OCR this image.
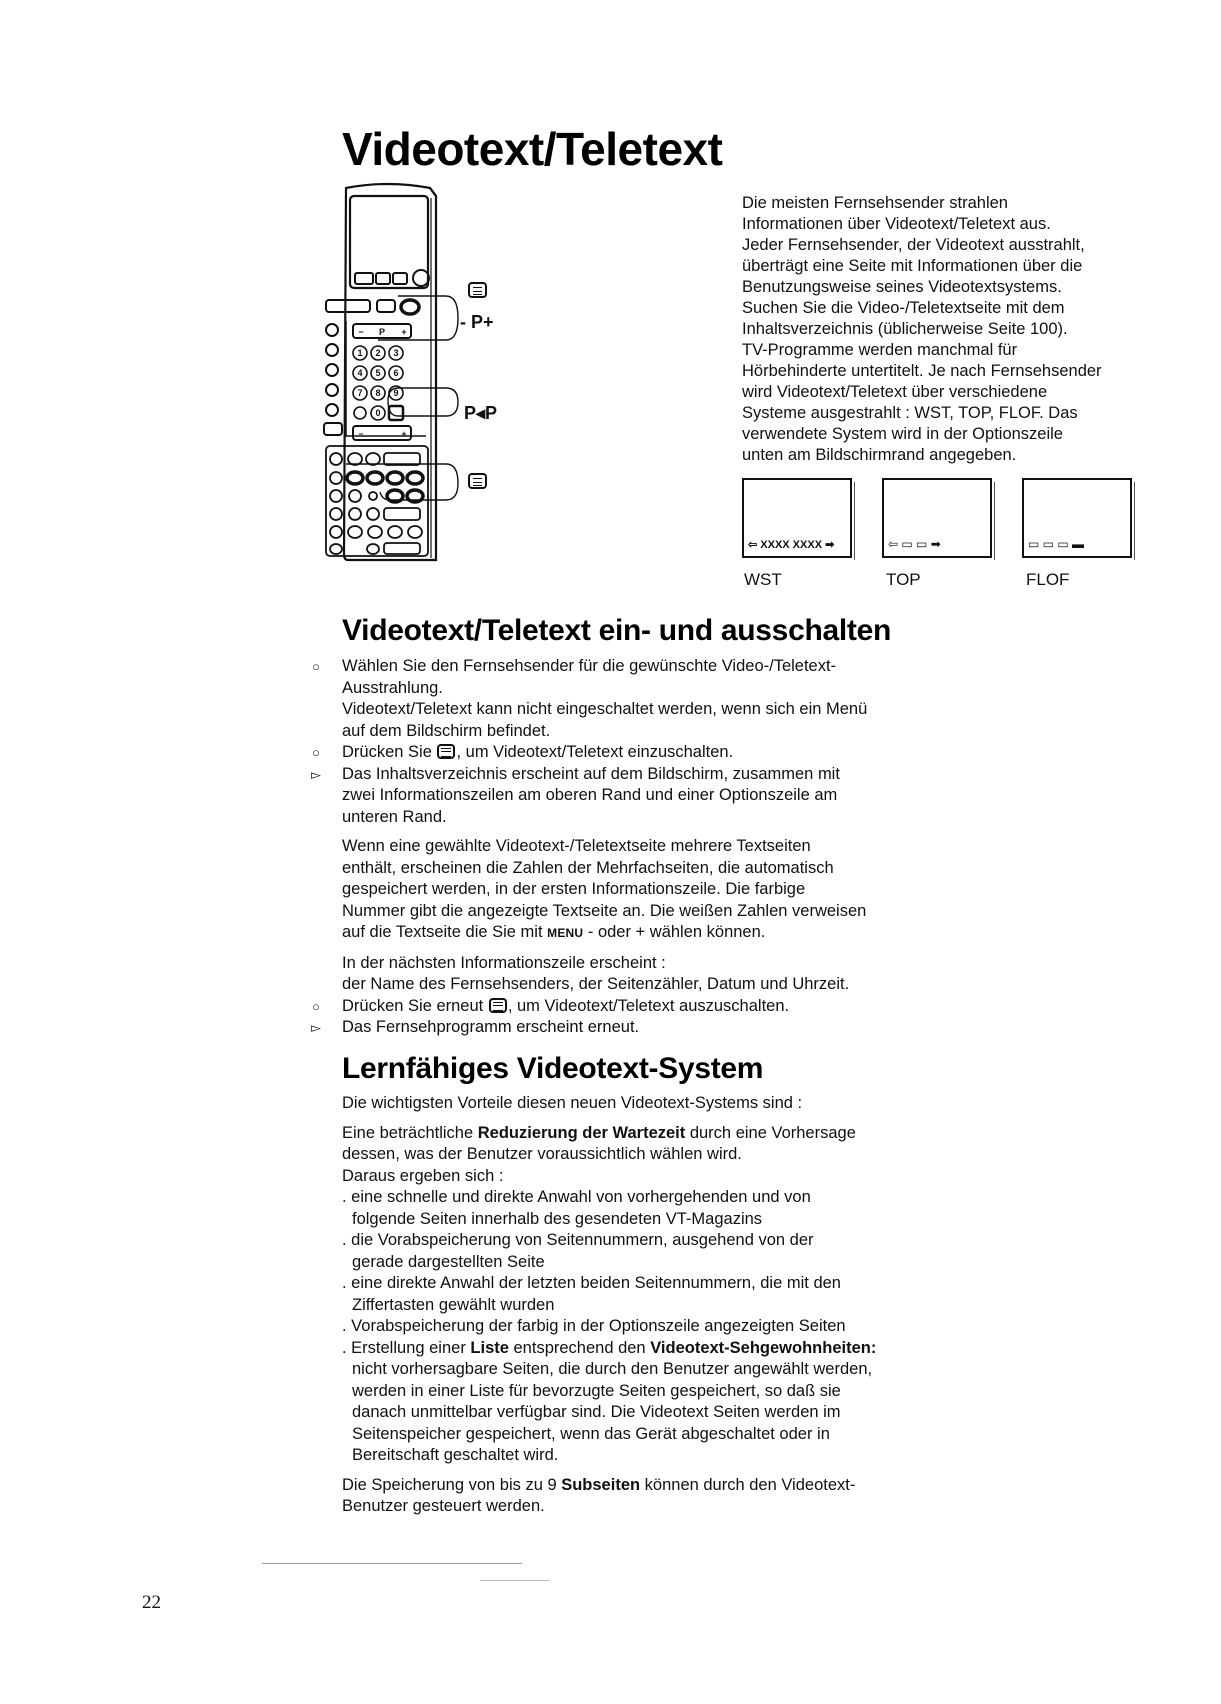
Videotext/Teletext
− P +
−	+
1 2 3
4 5 6
7 8 9
0
- P+
P◂P

Die meisten Fernsehsender strahlen

Informationen über Videotext/Teletext aus.

Jeder Fernsehsender, der Videotext ausstrahlt,

überträgt eine Seite mit Informationen über die

Benutzungsweise seines Videotextsystems.

Suchen Sie die Video-/Teletextseite mit dem

Inhaltsverzeichnis (üblicherweise Seite 100).

TV-Programme werden manchmal für

Hörbehinderte untertitelt. Je nach Fernsehsender

wird Videotext/Teletext über verschiedene

Systeme ausgestrahlt : WST, TOP, FLOF. Das

verwendete System wird in der Optionszeile

unten am Bildschirmrand angegeben.

⇦ XXXX XXXX ➡
WST
⇦ ▭ ▭ ➡
TOP
▭ ▭ ▭ ▬
FLOF
Videotext/Teletext ein- und ausschalten
○	Wählen Sie den Fernsehsender für die gewünschte Video-/Teletext-
Ausstrahlung.
Videotext/Teletext kann nicht eingeschaltet werden, wenn sich ein Menü
auf dem Bildschirm befindet.
○	Drücken Sie , um Videotext/Teletext einzuschalten.
▻	Das Inhaltsverzeichnis erscheint auf dem Bildschirm, zusammen mit
zwei Informationszeilen am oberen Rand und einer Optionszeile am
unteren Rand.
Wenn eine gewählte Videotext-/Teletextseite mehrere Textseiten
enthält, erscheinen die Zahlen der Mehrfachseiten, die automatisch
gespeichert werden, in der ersten Informationszeile. Die farbige
Nummer gibt die angezeigte Textseite an. Die weißen Zahlen verweisen
auf die Textseite die Sie mit MENU - oder + wählen können.
In der nächsten Informationszeile erscheint :
der Name des Fernsehsenders, der Seitenzähler, Datum und Uhrzeit.
○	Drücken Sie erneut , um Videotext/Teletext auszuschalten.
▻	Das Fernsehprogramm erscheint erneut.
Lernfähiges Videotext-System
Die wichtigsten Vorteile diesen neuen Videotext-Systems sind :
Eine beträchtliche Reduzierung der Wartezeit durch eine Vorhersage
dessen, was der Benutzer voraussichtlich wählen wird.
Daraus ergeben sich :
. eine schnelle und direkte Anwahl von vorhergehenden und von
folgende Seiten innerhalb des gesendeten VT-Magazins
. die Vorabspeicherung von Seitennummern, ausgehend von der
gerade dargestellten Seite
. eine direkte Anwahl der letzten beiden Seitennummern, die mit den
Ziffertasten gewählt wurden
. Vorabspeicherung der farbig in der Optionszeile angezeigten Seiten
. Erstellung einer Liste entsprechend den Videotext-Sehgewohnheiten:
nicht vorhersagbare Seiten, die durch den Benutzer angewählt werden,
werden in einer Liste für bevorzugte Seiten gespeichert, so daß sie
danach unmittelbar verfügbar sind. Die Videotext Seiten werden im
Seitenspeicher gespeichert, wenn das Gerät abgeschaltet oder in
Bereitschaft geschaltet wird.
Die Speicherung von bis zu 9 Subseiten können durch den Videotext-
Benutzer gesteuert werden.
22
